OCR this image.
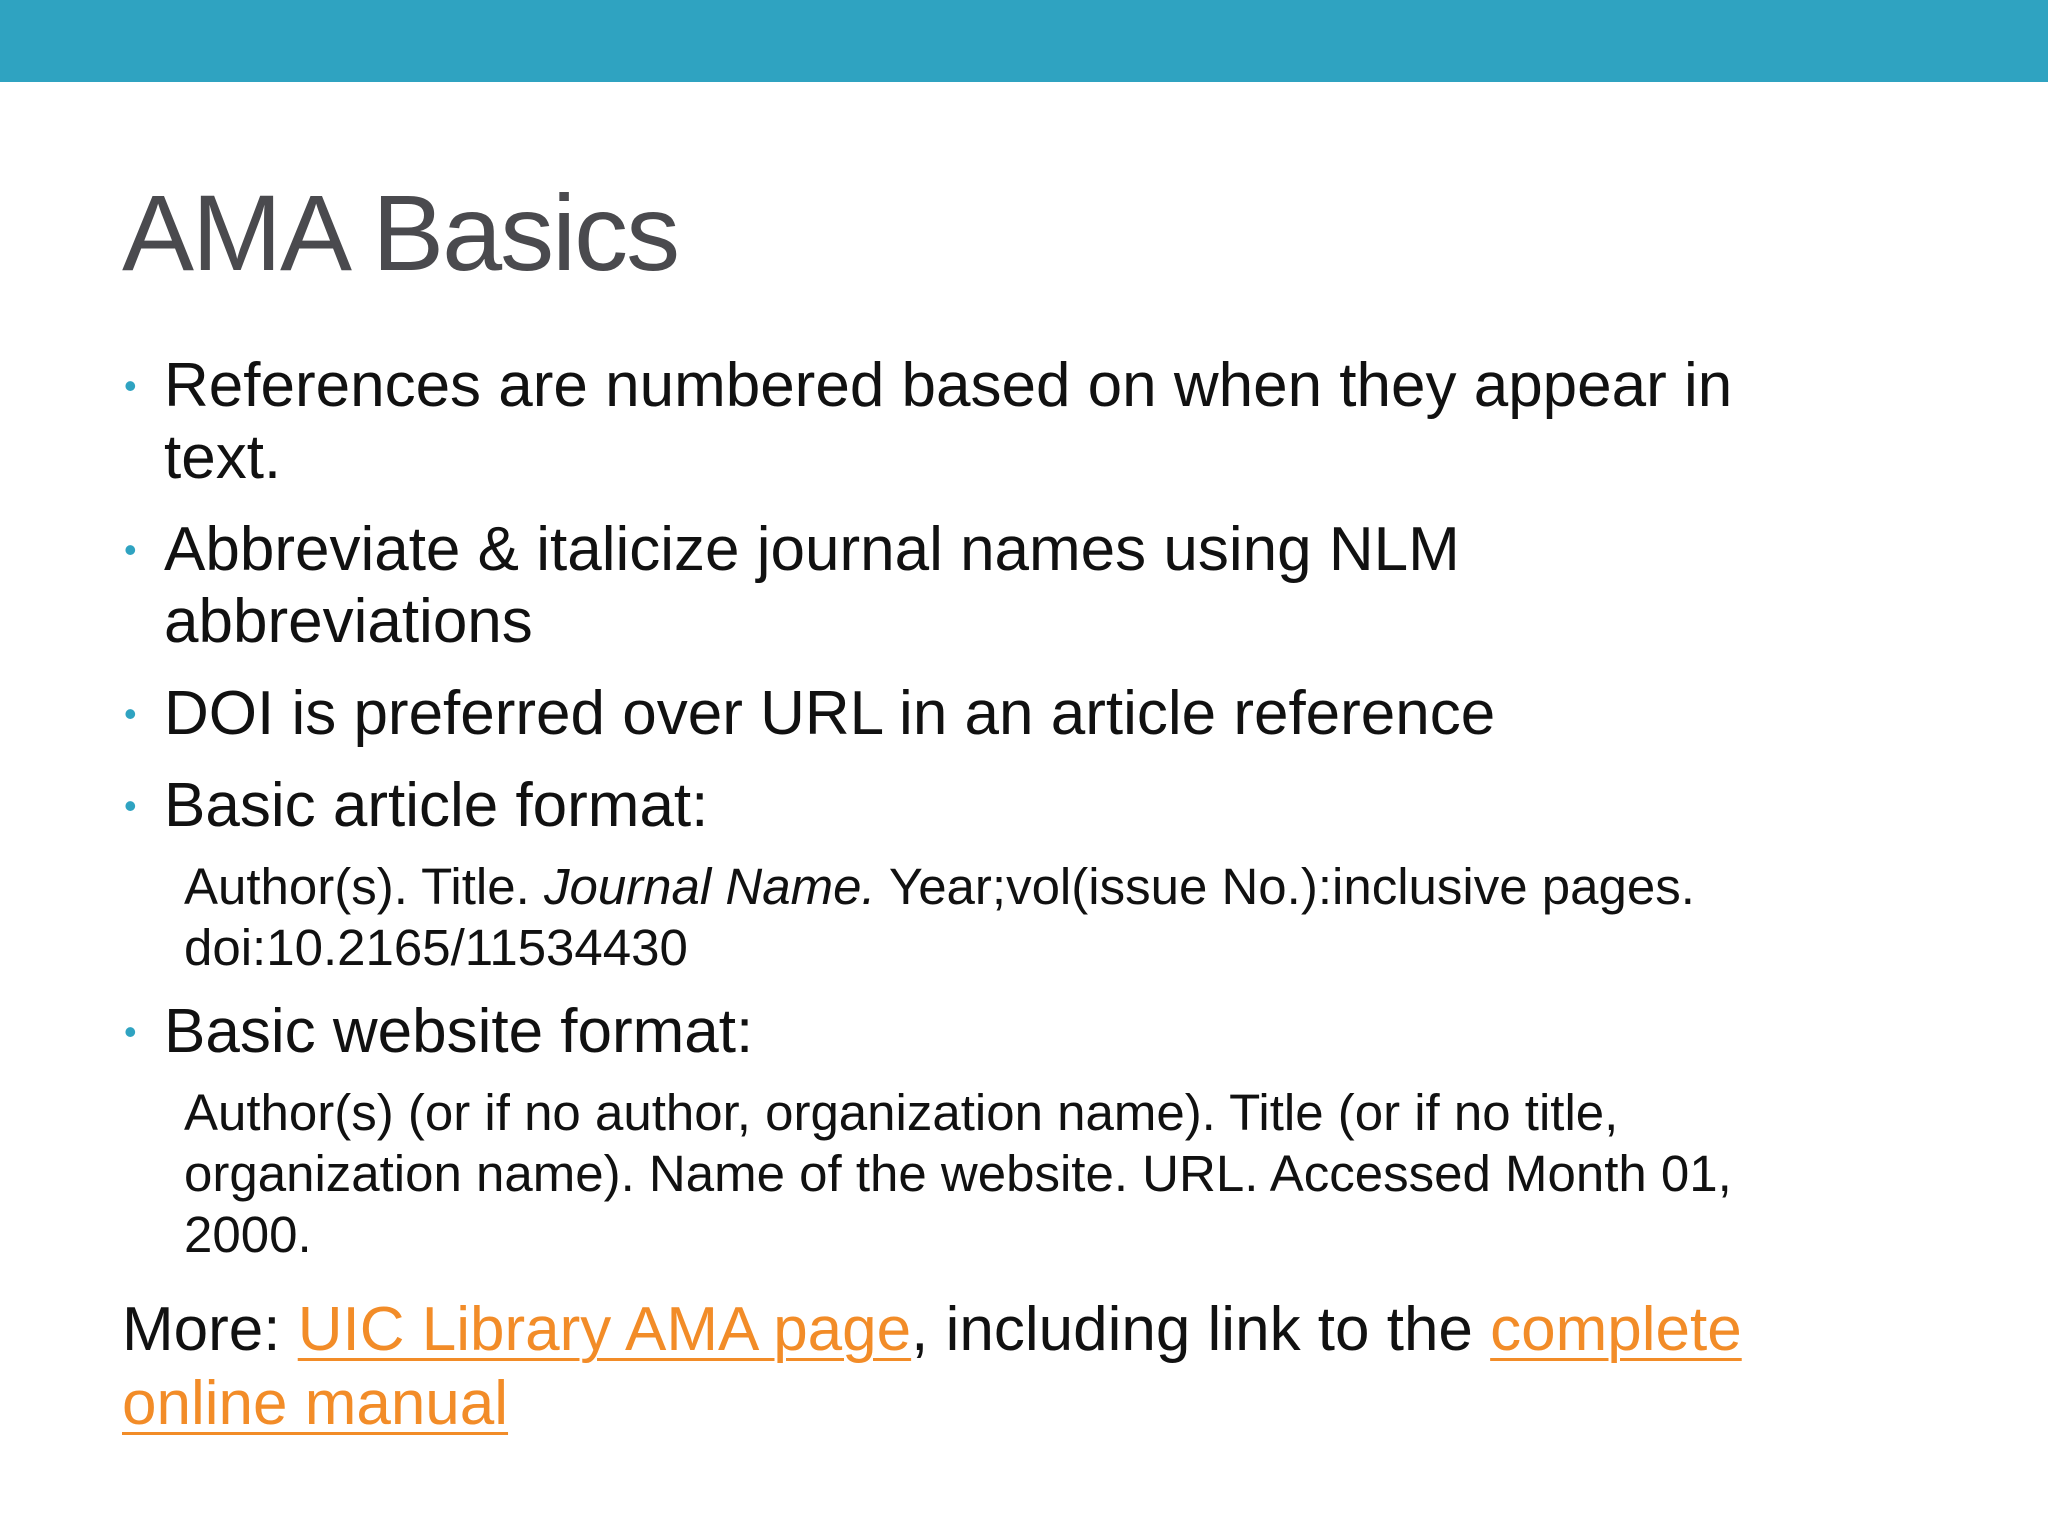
AMA Basics
• References are numbered based on when they appear in
text.
• Abbreviate & italicize journal names using NLM
abbreviations
• DOI is preferred over URL in an article reference
• Basic article format:
Author(s). Title. Journal Name. Year;vol(issue No.):inclusive pages.
doi:10.2165/11534430
• Basic website format:
Author(s) (or if no author, organization name). Title (or if no title,
organization name). Name of the website. URL. Accessed Month 01,
2000.
More: UIC Library AMA page, including link to the complete
online manual
